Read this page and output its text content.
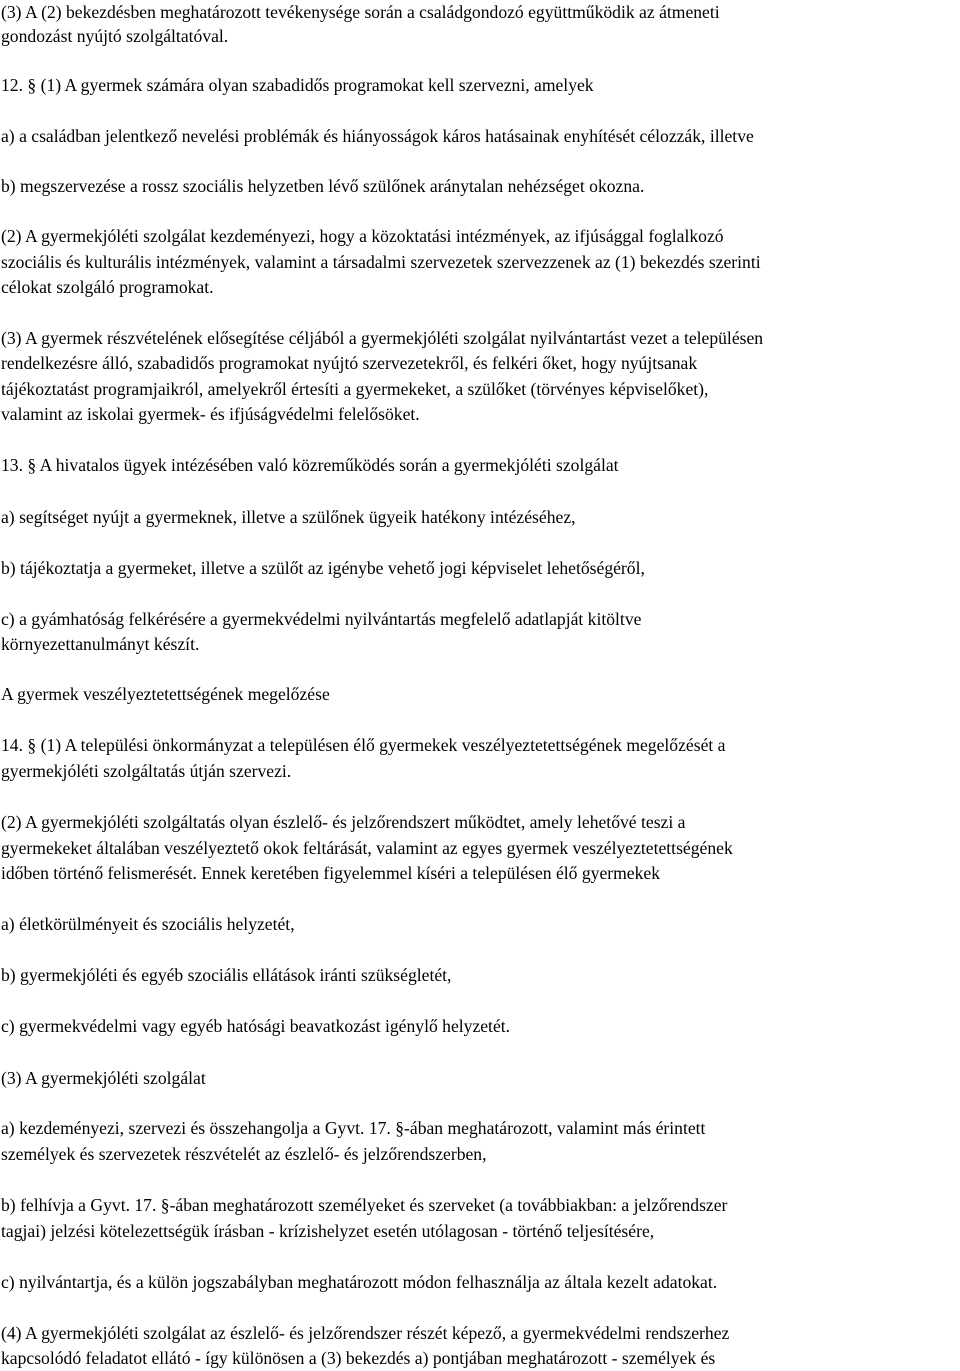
(3) A (2) bekezdésben meghatározott tevékenysége során a családgondozó együttműködik az átmeneti
gondozást nyújtó szolgáltatóval.
12. § (1) A gyermek számára olyan szabadidős programokat kell szervezni, amelyek
a) a családban jelentkező nevelési problémák és hiányosságok káros hatásainak enyhítését célozzák, illetve
b) megszervezése a rossz szociális helyzetben lévő szülőnek aránytalan nehézséget okozna.
(2) A gyermekjóléti szolgálat kezdeményezi, hogy a közoktatási intézmények, az ifjúsággal foglalkozó
szociális és kulturális intézmények, valamint a társadalmi szervezetek szervezzenek az (1) bekezdés szerinti
célokat szolgáló programokat.
(3) A gyermek részvételének elősegítése céljából a gyermekjóléti szolgálat nyilvántartást vezet a településen
rendelkezésre álló, szabadidős programokat nyújtó szervezetekről, és felkéri őket, hogy nyújtsanak
tájékoztatást programjaikról, amelyekről értesíti a gyermekeket, a szülőket (törvényes képviselőket),
valamint az iskolai gyermek- és ifjúságvédelmi felelősöket.
13. § A hivatalos ügyek intézésében való közreműködés során a gyermekjóléti szolgálat
a) segítséget nyújt a gyermeknek, illetve a szülőnek ügyeik hatékony intézéséhez,
b) tájékoztatja a gyermeket, illetve a szülőt az igénybe vehető jogi képviselet lehetőségéről,
c) a gyámhatóság felkérésére a gyermekvédelmi nyilvántartás megfelelő adatlapját kitöltve
környezettanulmányt készít.
A gyermek veszélyeztetettségének megelőzése
14. § (1) A települési önkormányzat a településen élő gyermekek veszélyeztetettségének megelőzését a
gyermekjóléti szolgáltatás útján szervezi.
(2) A gyermekjóléti szolgáltatás olyan észlelő- és jelzőrendszert működtet, amely lehetővé teszi a
gyermekeket általában veszélyeztető okok feltárását, valamint az egyes gyermek veszélyeztetettségének
időben történő felismerését. Ennek keretében figyelemmel kíséri a településen élő gyermekek
a) életkörülményeit és szociális helyzetét,
b) gyermekjóléti és egyéb szociális ellátások iránti szükségletét,
c) gyermekvédelmi vagy egyéb hatósági beavatkozást igénylő helyzetét.
(3) A gyermekjóléti szolgálat
a) kezdeményezi, szervezi és összehangolja a Gyvt. 17. §-ában meghatározott, valamint más érintett
személyek és szervezetek részvételét az észlelő- és jelzőrendszerben,
b) felhívja a Gyvt. 17. §-ában meghatározott személyeket és szerveket (a továbbiakban: a jelzőrendszer
tagjai) jelzési kötelezettségük írásban - krízishelyzet esetén utólagosan - történő teljesítésére,
c) nyilvántartja, és a külön jogszabályban meghatározott módon felhasználja az általa kezelt adatokat.
(4) A gyermekjóléti szolgálat az észlelő- és jelzőrendszer részét képező, a gyermekvédelmi rendszerhez
kapcsolódó feladatot ellátó - így különösen a (3) bekezdés a) pontjában meghatározott - személyek és
